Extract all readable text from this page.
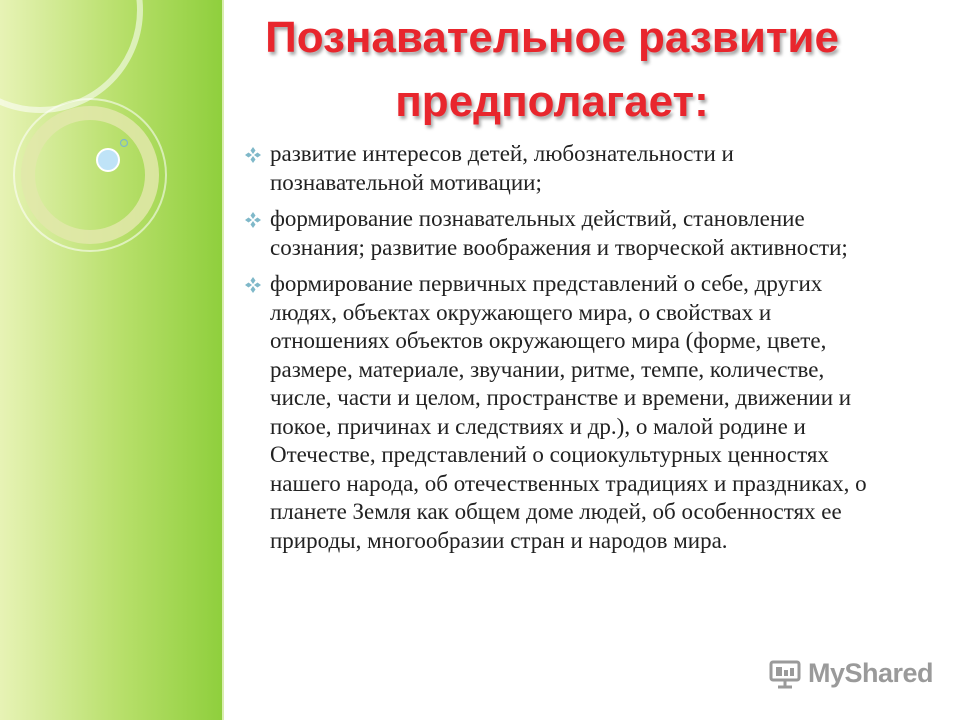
Познавательное развитие предполагает:
развитие интересов детей, любознательности и познавательной мотивации;
формирование познавательных действий, становление сознания; развитие воображения и творческой активности;
формирование первичных представлений о себе, других людях, объектах окружающего мира, о свойствах и отношениях объектов окружающего мира (форме, цвете, размере, материале, звучании, ритме, темпе, количестве, числе, части и целом, пространстве и времени, движении и покое, причинах и следствиях и др.), о малой родине и Отечестве, представлений о социокультурных ценностях нашего народа, об отечественных традициях и праздниках, о планете Земля как общем доме людей, об особенностях ее природы, многообразии стран и народов мира.
MyShared
